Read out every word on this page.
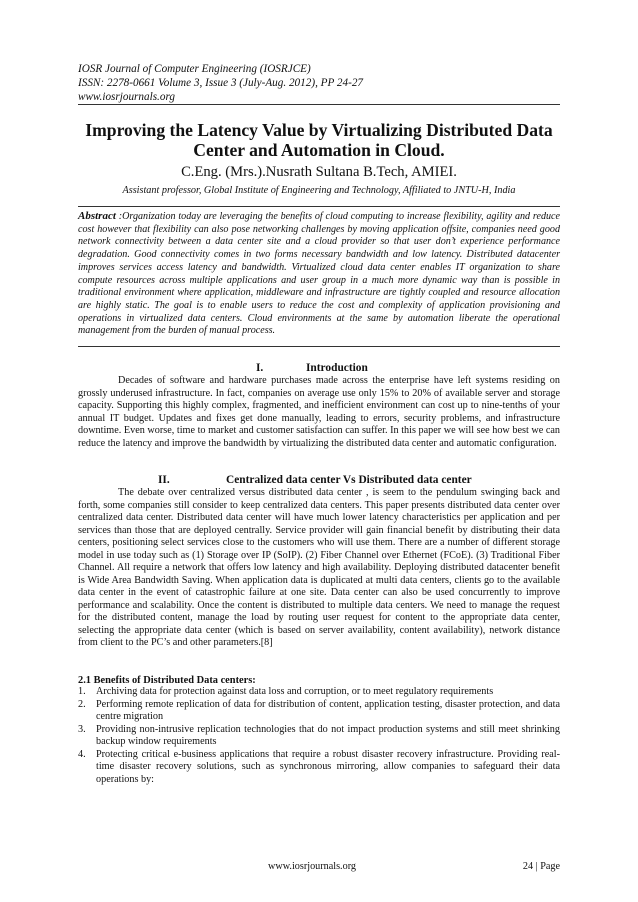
IOSR Journal of Computer Engineering (IOSRJCE)
ISSN: 2278-0661 Volume 3, Issue 3 (July-Aug. 2012), PP 24-27
www.iosrjournals.org
Improving the Latency Value by Virtualizing Distributed Data Center and Automation in Cloud.
C.Eng. (Mrs.).Nusrath Sultana B.Tech, AMIEI.
Assistant professor, Global Institute of Engineering and Technology, Affiliated to JNTU-H, India
Abstract :Organization today are leveraging the benefits of cloud computing to increase flexibility, agility and reduce cost however that flexibility can also pose networking challenges by moving application offsite, companies need good network connectivity between a data center site and a cloud provider so that user don’t experience performance degradation. Good connectivity comes in two forms necessary bandwidth and low latency. Distributed datacenter improves services access latency and bandwidth. Virtualized cloud data center enables IT organization to share compute resources across multiple applications and user group in a much more dynamic way than is possible in traditional environment where application, middleware and infrastructure are tightly coupled and resource allocation are highly static. The goal is to enable users to reduce the cost and complexity of application provisioning and operations in virtualized data centers. Cloud environments at the same by automation liberate the operational management from the burden of manual process.
I.	Introduction
Decades of software and hardware purchases made across the enterprise have left systems residing on grossly underused infrastructure. In fact, companies on average use only 15% to 20% of available server and storage capacity. Supporting this highly complex, fragmented, and inefficient environment can cost up to nine-tenths of your annual IT budget. Updates and fixes get done manually, leading to errors, security problems, and infrastructure downtime. Even worse, time to market and customer satisfaction can suffer. In this paper we will see how best we can reduce the latency and improve the bandwidth by virtualizing the distributed data center and automatic configuration.
II.	Centralized data center Vs Distributed data center
The debate over centralized versus distributed data center , is seem to the pendulum swinging back and forth, some companies still consider to keep centralized data centers. This paper presents distributed data center over centralized data center. Distributed data center will have much lower latency characteristics per application and per services than those that are deployed centrally. Service provider will gain financial benefit by distributing their data centers, positioning select services close to the customers who will use them. There are a number of different storage model in use today such as (1) Storage over IP (SoIP). (2) Fiber Channel over Ethernet (FCoE). (3) Traditional Fiber Channel. All require a network that offers low latency and high availability. Deploying distributed datacenter benefit is Wide Area Bandwidth Saving. When application data is duplicated at multi data centers, clients go to the available data center in the event of catastrophic failure at one site. Data center can also be used concurrently to improve performance and scalability. Once the content is distributed to multiple data centers. We need to manage the request for the distributed content, manage the load by routing user request for content to the appropriate data center, selecting the appropriate data center (which is based on server availability, content availability), network distance from client to the PC’s and other parameters.[8]
2.1 Benefits of Distributed Data centers:
1. Archiving data for protection against data loss and corruption, or to meet regulatory requirements
2. Performing remote replication of data for distribution of content, application testing, disaster protection, and data centre migration
3. Providing non-intrusive replication technologies that do not impact production systems and still meet shrinking backup window requirements
4. Protecting critical e-business applications that require a robust disaster recovery infrastructure. Providing real-time disaster recovery solutions, such as synchronous mirroring, allow companies to safeguard their data operations by:
www.iosrjournals.org	24 | Page
